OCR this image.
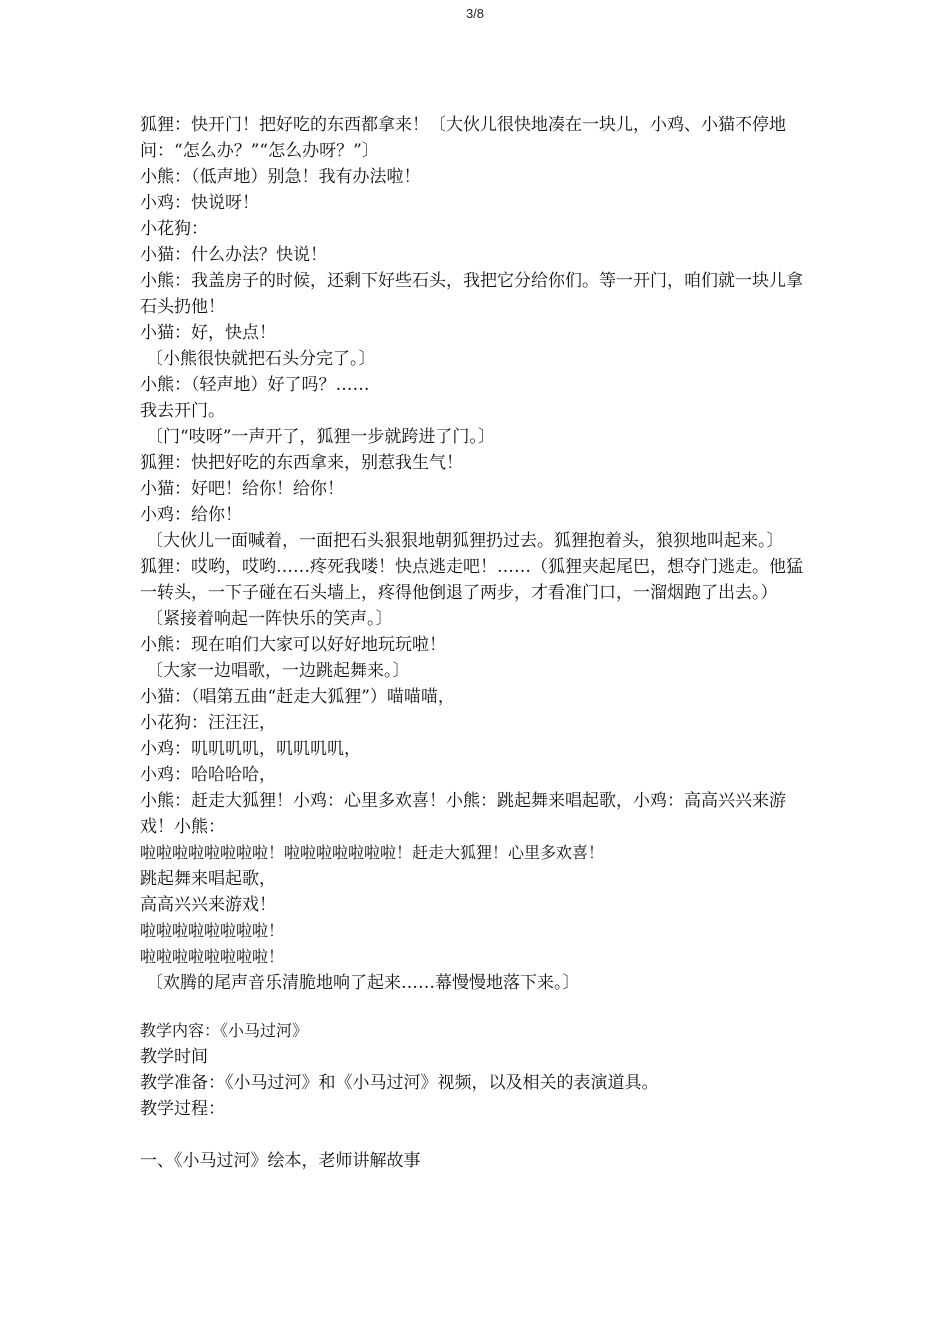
3/8
狐狸：快开门！把好吃的东西都拿来！〔大伙儿很快地凑在一块儿，小鸡、小猫不停地问：“怎么办？”“怎么办呀？”〕
小熊：（低声地）别急！我有办法啦！
小鸡：快说呀！
小花狗：
小猫：什么办法？快说！
小熊：我盖房子的时候，还剩下好些石头，我把它分给你们。等一开门，咱们就一块儿拿石头扔他！
小猫：好，快点！
〔小熊很快就把石头分完了。〕
小熊：（轻声地）好了吗？……
我去开门。
〔门“吱呀”一声开了，狐狸一步就跨进了门。〕
狐狸：快把好吃的东西拿来，别惹我生气！
小猫：好吧！给你！给你！
小鸡：给你！
〔大伙儿一面喊着，一面把石头狠狠地朝狐狸扔过去。狐狸抱着头，狼狈地叫起来。〕
狐狸：哎哟，哎哟……疼死我喽！快点逃走吧！……（狐狸夹起尾巴，想夺门逃走。他猛一转头，一下子碰在石头墙上，疼得他倒退了两步，才看准门口，一溜烟跑了出去。）
〔紧接着响起一阵快乐的笑声。〕
小熊：现在咱们大家可以好好地玩玩啦！
〔大家一边唱歌，一边跳起舞来。〕
小猫：（唱第五曲“赶走大狐狸”）喵喵喵，
小花狗：汪汪汪，
小鸡：叽叽叽叽，叽叽叽叽，
小鸡：哈哈哈哈，
小熊：赶走大狐狸！小鸡：心里多欢喜！小熊：跳起舞来唱起歌，小鸡：高高兴兴来游戏！小熊：
啦啦啦啦啦啦啦啦！啦啦啦啦啦啦啦！赶走大狐狸！心里多欢喜！
跳起舞来唱起歌，
高高兴兴来游戏！
啦啦啦啦啦啦啦啦！
啦啦啦啦啦啦啦啦！
〔欢腾的尾声音乐清脆地响了起来……幕慢慢地落下来。〕
教学内容：《小马过河》
教学时间
教学准备：《小马过河》和《小马过河》视频，以及相关的表演道具。
教学过程：
一、《小马过河》绘本，老师讲解故事
